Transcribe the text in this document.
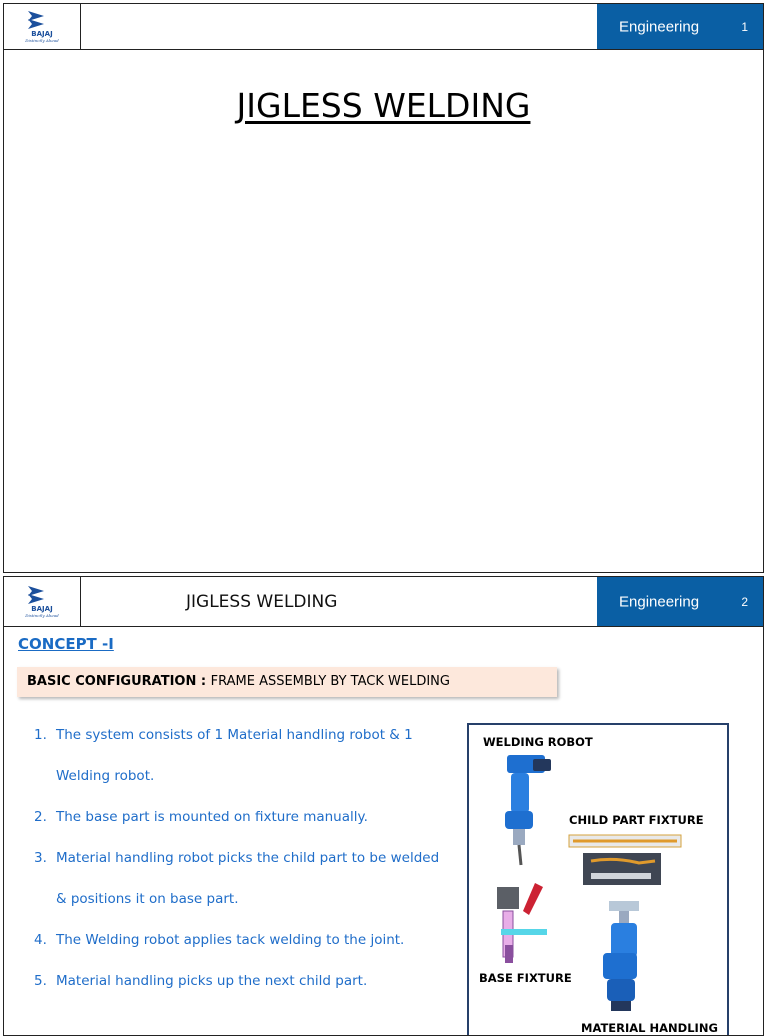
BAJAJ
Distinctly Ahead
Engineering	1
JIGLESS WELDING
BAJAJ
Distinctly Ahead
JIGLESS WELDING	Engineering	2
CONCEPT -I
BASIC CONFIGURATION : FRAME ASSEMBLY BY TACK WELDING
1. The system consists of 1 Material handling robot & 1
Welding robot.
2. The base part is mounted on fixture manually.
3. Material handling robot picks the child part to be welded
& positions it on base part.
4. The Welding robot applies tack welding to the joint.
5. Material handling picks up the next child part.
WELDING ROBOT
CHILD PART FIXTURE
BASE FIXTURE
MATERIAL HANDLING
